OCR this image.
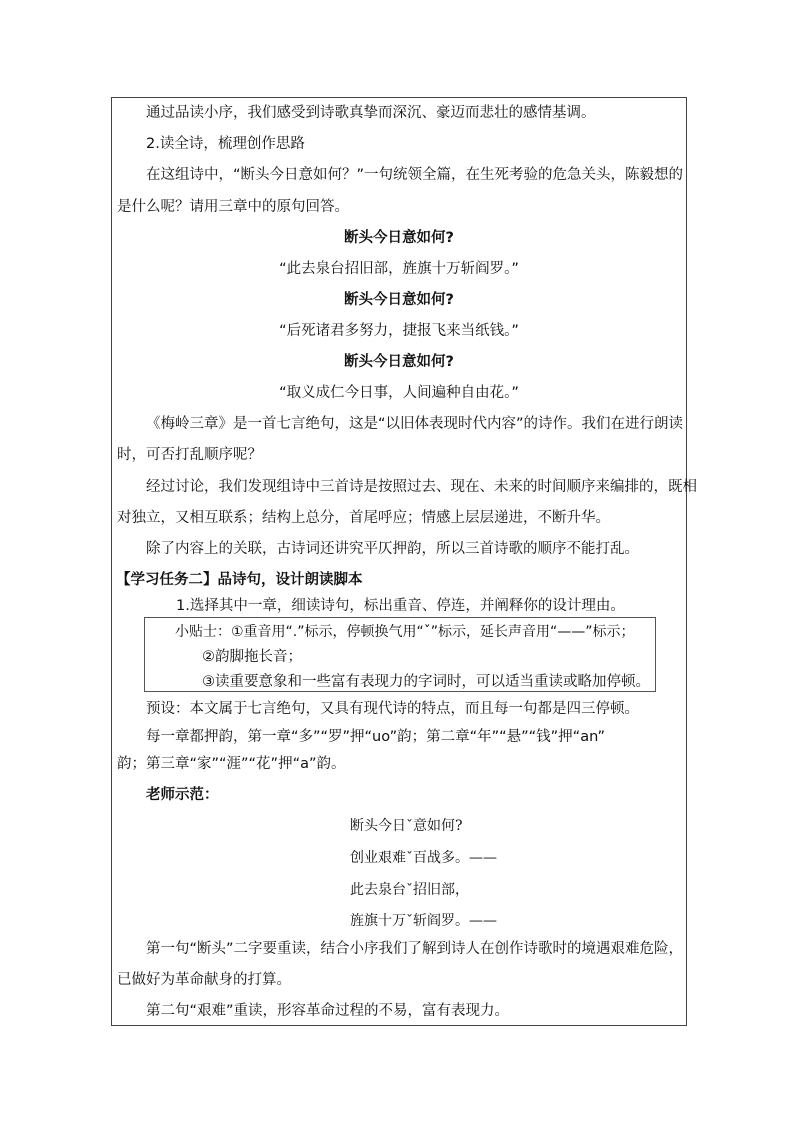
通过品读小序，我们感受到诗歌真挚而深沉、豪迈而悲壮的感情基调。
2.读全诗，梳理创作思路
在这组诗中，“断头今日意如何？”一句统领全篇，在生死考验的危急关头，陈毅想的
是什么呢？请用三章中的原句回答。
断头今日意如何?
“此去泉台招旧部，旌旗十万斩阎罗。”
断头今日意如何?
“后死诸君多努力，捷报飞来当纸钱。”
断头今日意如何?
“取义成仁今日事，人间遍种自由花。”
《梅岭三章》是一首七言绝句，这是“以旧体表现时代内容”的诗作。我们在进行朗读
时，可否打乱顺序呢？
经过讨论，我们发现组诗中三首诗是按照过去、现在、未来的时间顺序来编排的，既相
对独立，又相互联系；结构上总分，首尾呼应；情感上层层递进，不断升华。
除了内容上的关联，古诗词还讲究平仄押韵，所以三首诗歌的顺序不能打乱。
【学习任务二】品诗句，设计朗读脚本
1.选择其中一章，细读诗句，标出重音、停连，并阐释你的设计理由。
小贴士：①重音用“.”标示，停顿换气用“ˇ”标示，延长声音用“——”标示；
②韵脚拖长音；
③读重要意象和一些富有表现力的字词时，可以适当重读或略加停顿。
预设：本文属于七言绝句，又具有现代诗的特点，而且每一句都是四三停顿。
每一章都押韵，第一章“多”“罗”押“uo”韵；第二章“年”“悬”“钱”押“an”
韵；第三章“家”“涯”“花”押“a”韵。
老师示范：
断头今日ˇ意如何?
创业艰难ˇ百战多。——
此去泉台ˇ招旧部，
旌旗十万ˇ斩阎罗。——
第一句“断头”二字要重读，结合小序我们了解到诗人在创作诗歌时的境遇艰难危险，
已做好为革命献身的打算。
第二句“艰难”重读，形容革命过程的不易，富有表现力。
